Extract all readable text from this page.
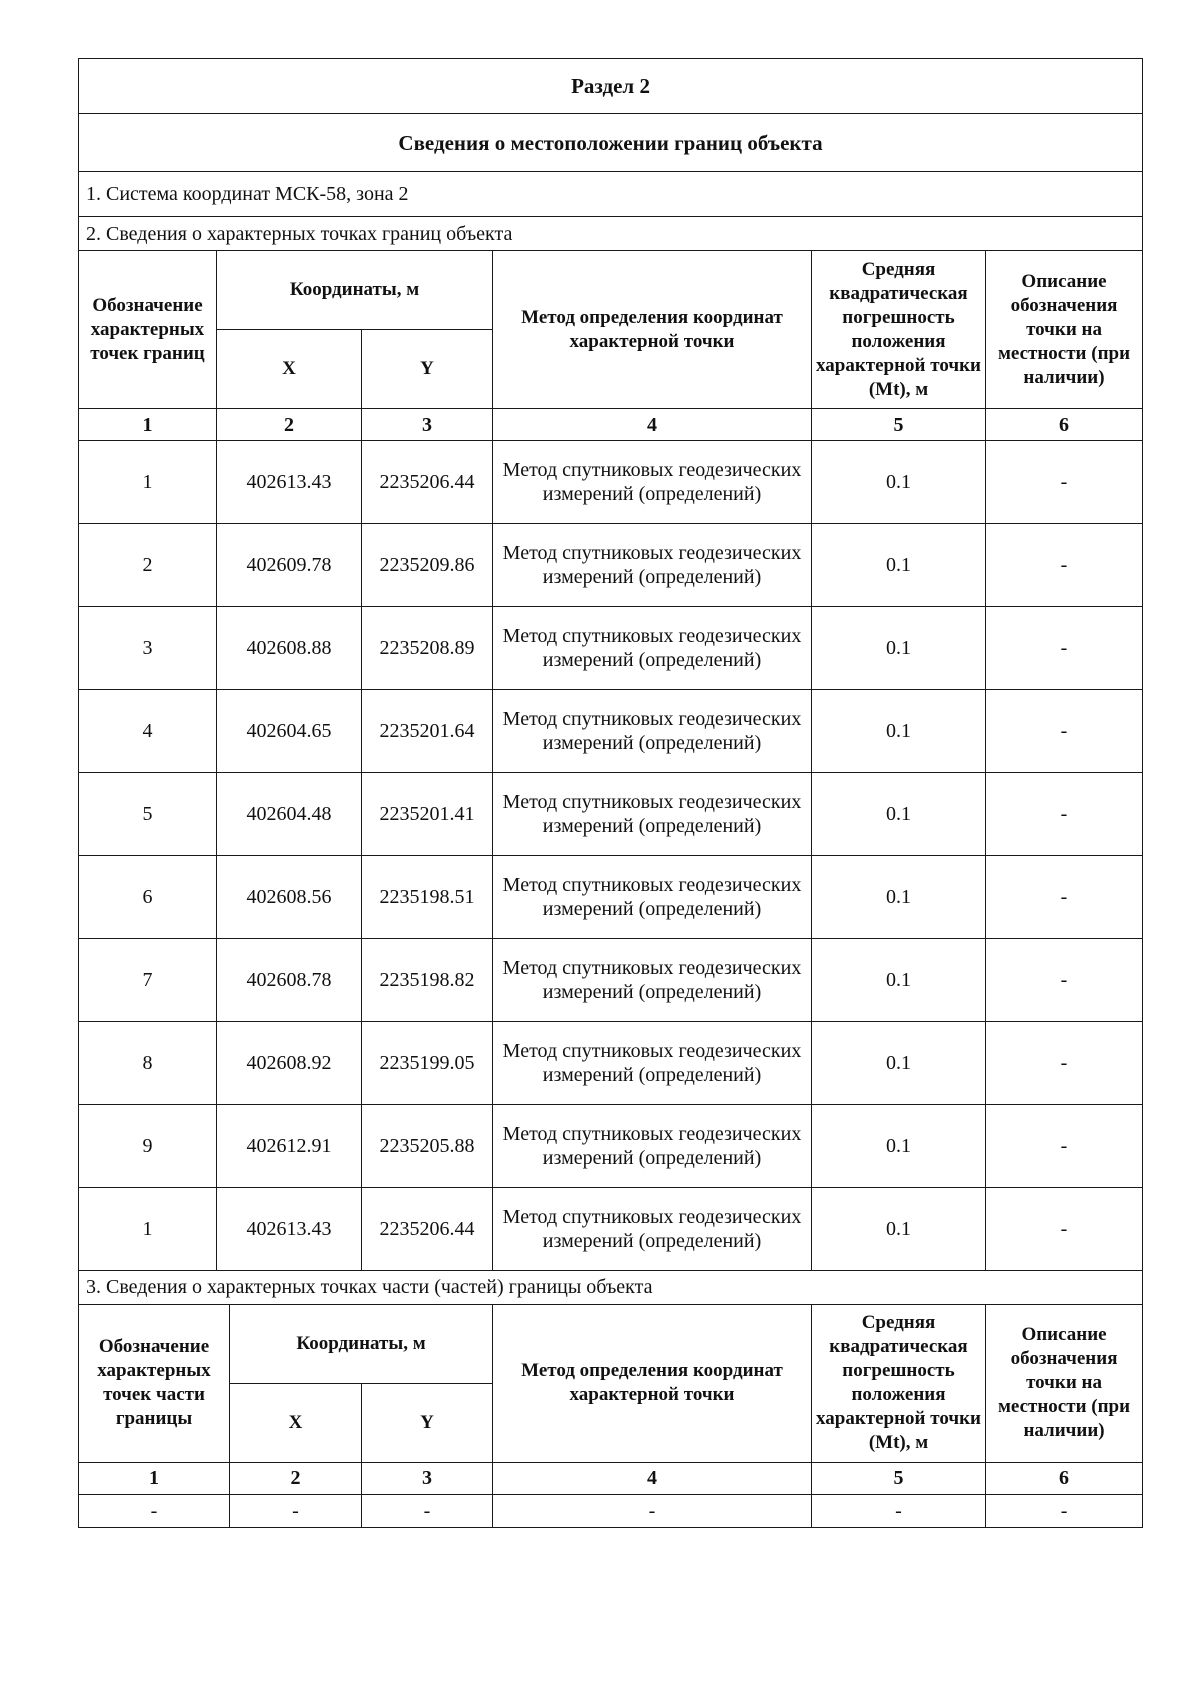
Раздел 2					
Сведения о местоположении границ объекта					
1. Система координат МСК-58, зона 2					
2. Сведения о характерных точках границ объекта					
Обозначение характерных точек границ	Координаты, м		Метод определения координат характерной точки	Средняя квадратическая погрешность положения характерной точки (Mt), м	Описание обозначения точки на местности (при наличии)
	X	Y			
1	2	3	4	5	6
1	402613.43	2235206.44	Метод спутниковых геодезических измерений (определений)	0.1	-
2	402609.78	2235209.86	Метод спутниковых геодезических измерений (определений)	0.1	-
3	402608.88	2235208.89	Метод спутниковых геодезических измерений (определений)	0.1	-
4	402604.65	2235201.64	Метод спутниковых геодезических измерений (определений)	0.1	-
5	402604.48	2235201.41	Метод спутниковых геодезических измерений (определений)	0.1	-
6	402608.56	2235198.51	Метод спутниковых геодезических измерений (определений)	0.1	-
7	402608.78	2235198.82	Метод спутниковых геодезических измерений (определений)	0.1	-
8	402608.92	2235199.05	Метод спутниковых геодезических измерений (определений)	0.1	-
9	402612.91	2235205.88	Метод спутниковых геодезических измерений (определений)	0.1	-
1	402613.43	2235206.44	Метод спутниковых геодезических измерений (определений)	0.1	-
3. Сведения о характерных точках части (частей) границы объекта					
Обозначение характерных точек части границы	Координаты, м		Метод определения координат характерной точки	Средняя квадратическая погрешность положения характерной точки (Mt), м	Описание обозначения точки на местности (при наличии)
	X	Y			
1	2	3	4	5	6
-	-	-	-	-	-
